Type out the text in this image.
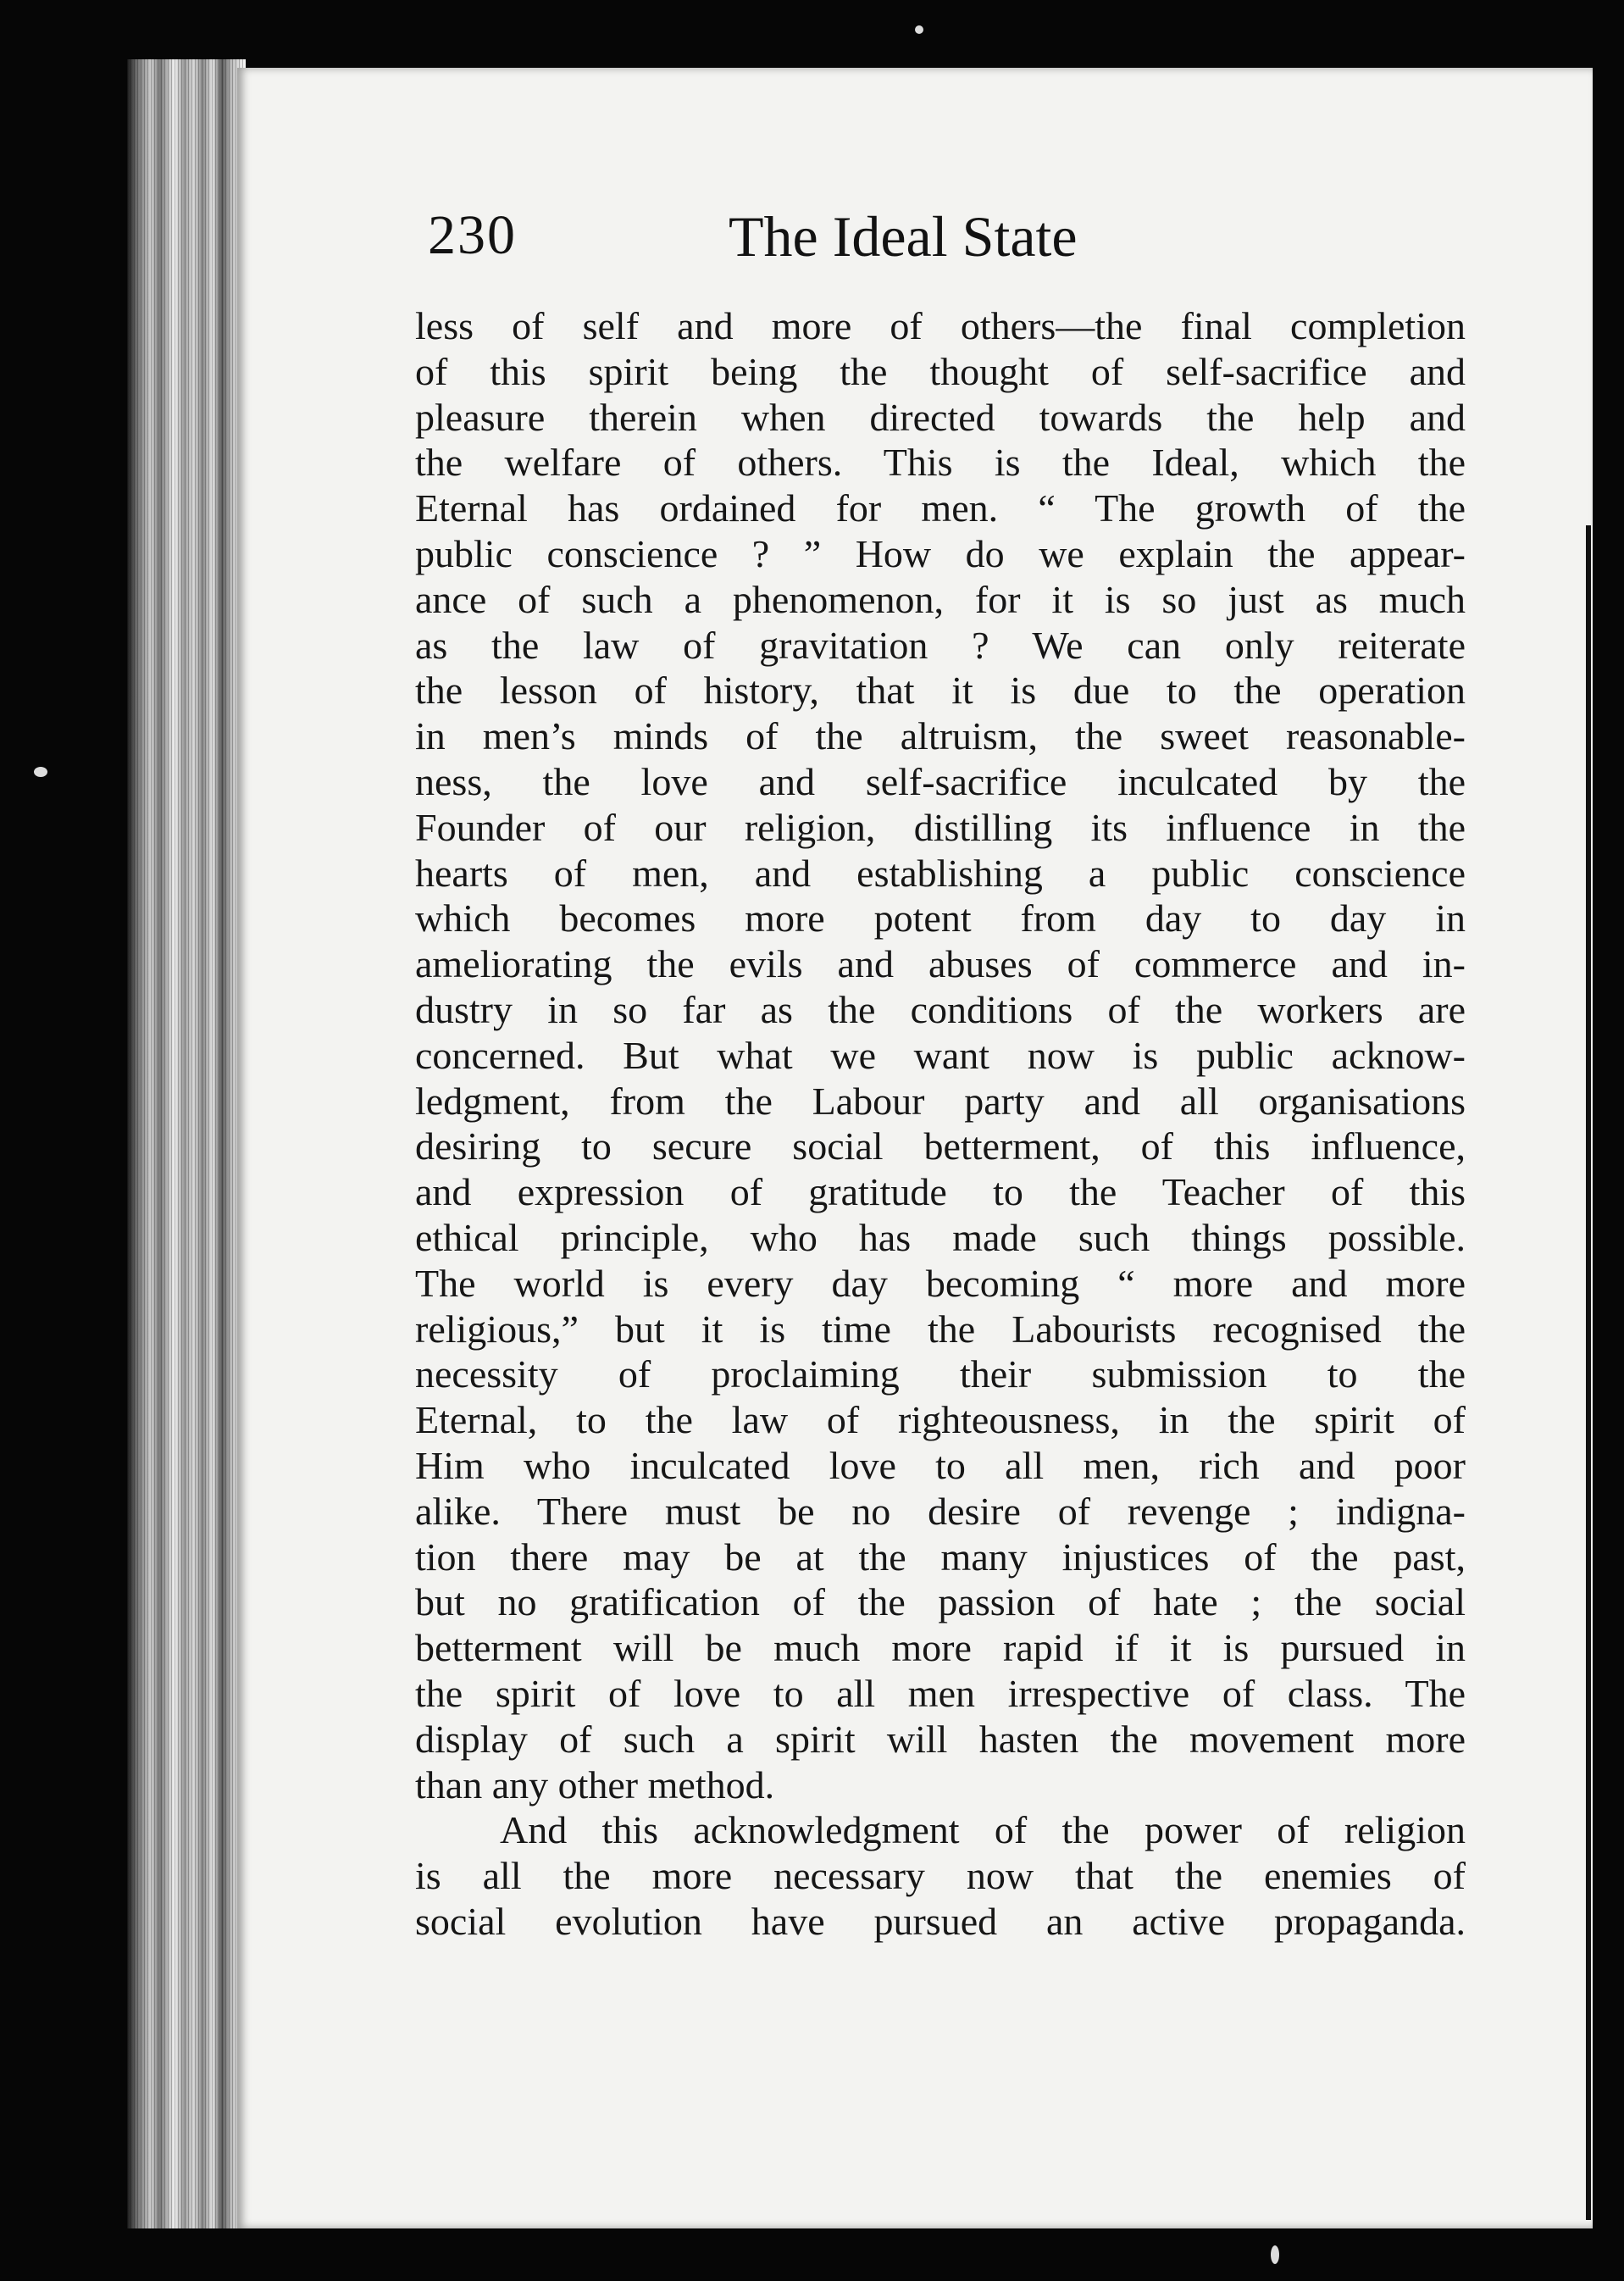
230	The Ideal State
less of self and more of others—the final completion
of this spirit being the thought of self-sacrifice and
pleasure therein when directed towards the help and
the welfare of others. This is the Ideal, which the
Eternal has ordained for men. “ The growth of the
public conscience ? ” How do we explain the appear-
ance of such a phenomenon, for it is so just as much
as the law of gravitation ? We can only reiterate
the lesson of history, that it is due to the operation
in men’s minds of the altruism, the sweet reasonable-
ness, the love and self-sacrifice inculcated by the
Founder of our religion, distilling its influence in the
hearts of men, and establishing a public conscience
which becomes more potent from day to day in
ameliorating the evils and abuses of commerce and in-
dustry in so far as the conditions of the workers are
concerned. But what we want now is public acknow-
ledgment, from the Labour party and all organisations
desiring to secure social betterment, of this influence,
and expression of gratitude to the Teacher of this
ethical principle, who has made such things possible.
The world is every day becoming “ more and more
religious,” but it is time the Labourists recognised the
necessity of proclaiming their submission to the
Eternal, to the law of righteousness, in the spirit of
Him who inculcated love to all men, rich and poor
alike. There must be no desire of revenge ; indigna-
tion there may be at the many injustices of the past,
but no gratification of the passion of hate ; the social
betterment will be much more rapid if it is pursued in
the spirit of love to all men irrespective of class. The
display of such a spirit will hasten the movement more
than any other method.
And this acknowledgment of the power of religion
is all the more necessary now that the enemies of
social evolution have pursued an active propaganda.
